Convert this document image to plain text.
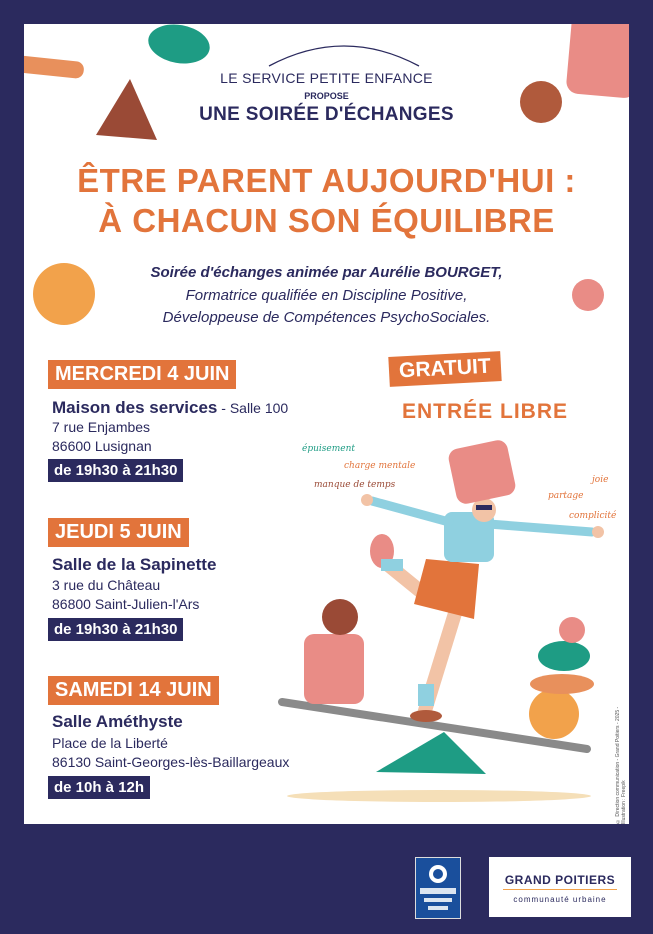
LE SERVICE PETITE ENFANCE
PROPOSE
UNE SOIRÉE D'ÉCHANGES
ÊTRE PARENT AUJOURD'HUI :
À CHACUN SON ÉQUILIBRE
Soirée d'échanges animée par Aurélie BOURGET,
Formatrice qualifiée en Discipline Positive,
Développeuse de Compétences PsychoSociales.
MERCREDI 4 JUIN
Maison des services - Salle 100
7 rue Enjambes
86600 Lusignan
de 19h30 à 21h30
JEUDI 5 JUIN
Salle de la Sapinette
3 rue du Château
86800 Saint-Julien-l'Ars
de 19h30 à 21h30
SAMEDI 14 JUIN
Salle Améthyste
Place de la Liberté
86130 Saint-Georges-lès-Baillargeaux
de 10h à 12h
GRATUIT
ENTRÉE LIBRE
épuisement
charge mentale
manque de temps	joie
partage
complicité
© Direction communication - Grand Poitiers - 2025 - Illustration : Freepik
GRAND POITIERS
communauté urbaine
